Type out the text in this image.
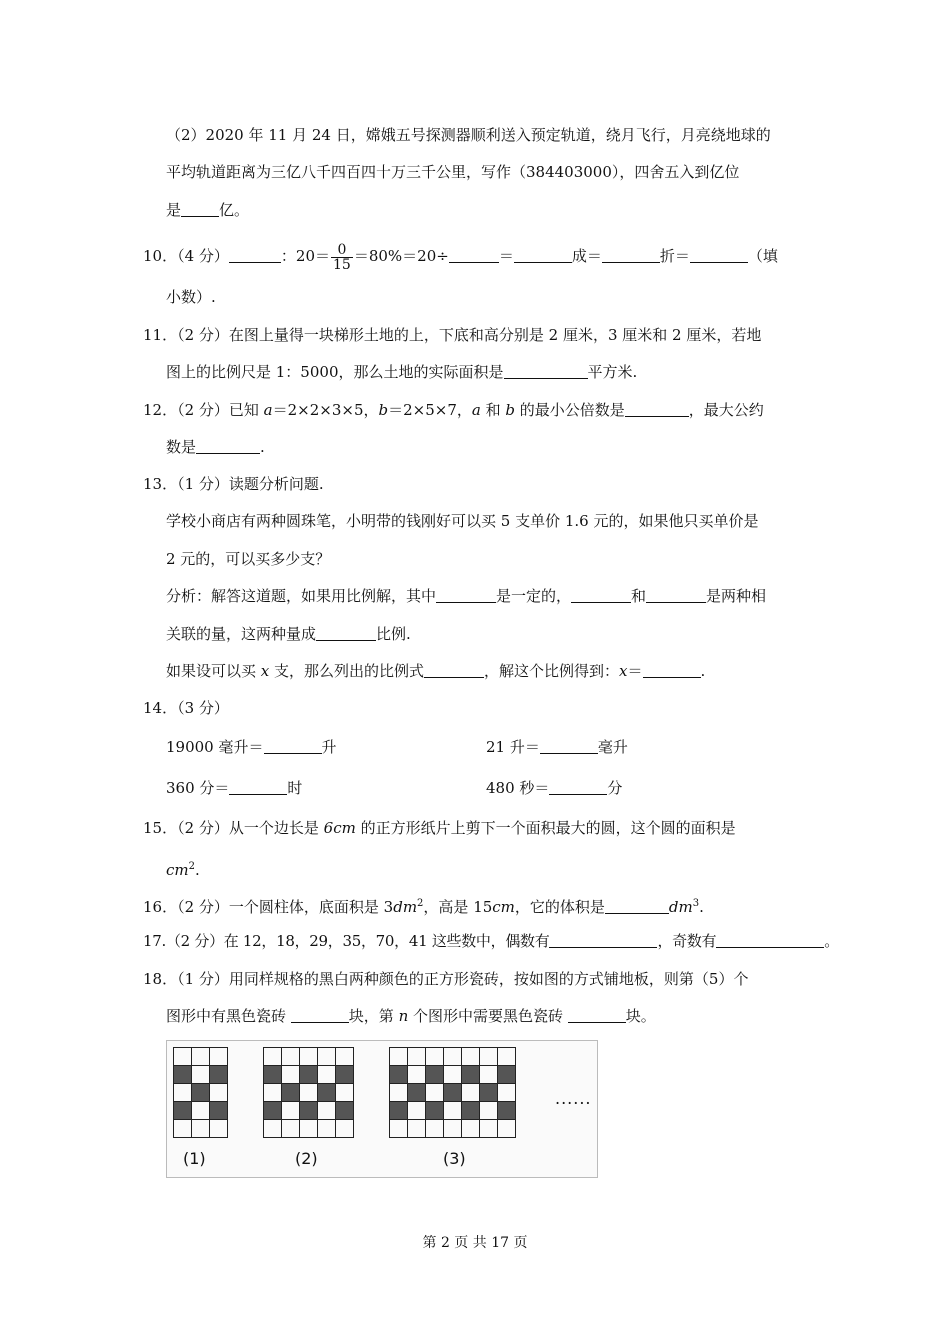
（2）2020 年 11 月 24 日，嫦娥五号探测器顺利送入预定轨道，绕月飞行，月亮绕地球的
平均轨道距离为三亿八千四百四十万三千公里，写作（384403000），四舍五入到亿位
是	亿。
10．（4 分）	：$20= \frac{0}{15} =80\%=20\div$	＝	成＝	折＝	（填
小数）.
11．（2 分）在图上量得一块梯形土地的上，下底和高分别是 2 厘米，3 厘米和 2 厘米，若地
图上的比例尺是 1：5000，那么土地的实际面积是	平方米.
12．（2 分）已知 a＝2×2×3×5，b＝2×5×7，a 和 b 的最小公倍数是	，最大公约
数是	.
13．（1 分）读题分析问题.
学校小商店有两种圆珠笔，小明带的钱刚好可以买 5 支单价 1.6 元的，如果他只买单价是
2 元的，可以买多少支？
分析：解答这道题，如果用比例解，其中	是一定的，	和	是两种相
关联的量，这两种量成	比例.
如果设可以买 x 支，那么列出的比例式	，解这个比例得到：x＝	.
14．（3 分）
19000 毫升＝	升	21 升＝	毫升
360 分＝	时	480 秒＝	分
15．（2 分）从一个边长是 6cm 的正方形纸片上剪下一个面积最大的圆，这个圆的面积是
$cm^2$.
16．（2 分）一个圆柱体，底面积是 $3dm^2$，高是 15cm，它的体积是	$dm^3$.
17.（2 分）在 12，18，29，35，70，41 这些数中，偶数有	，奇数有	。
18．（1 分）用同样规格的黑白两种颜色的正方形瓷砖，按如图的方式铺地板，则第（5）个
图形中有黑色瓷砖	块，第 n 个图形中需要黑色瓷砖	块。

(1)	(2)	(3)
......
第 2 页 共 17 页
